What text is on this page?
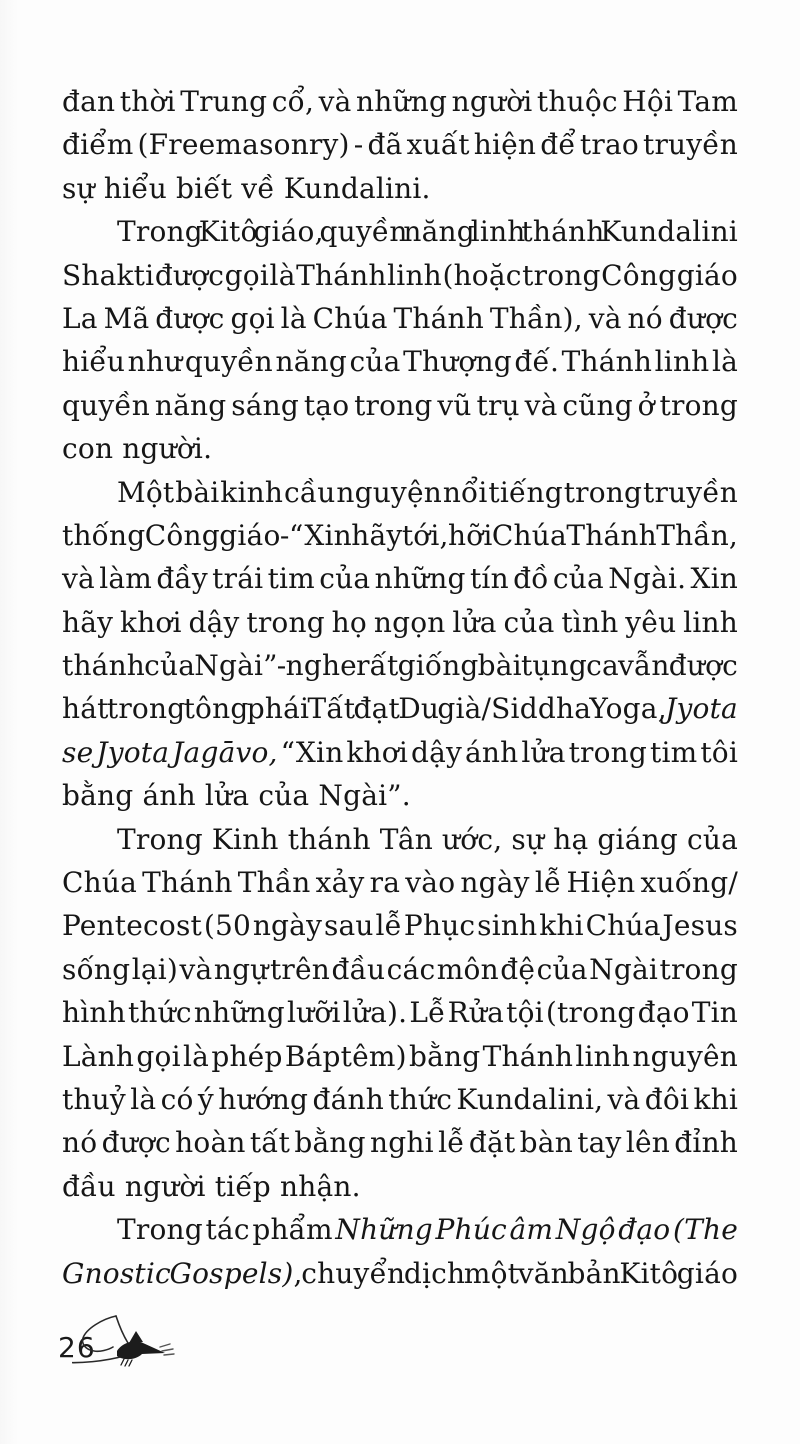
đan thời Trung cổ, và những người thuộc Hội Tam
điểm (Freemasonry) - đã xuất hiện để trao truyền
sự hiểu biết về Kundalini.
Trong Kitô giáo, quyền năng linh thánh Kundalini
Shakti được gọi là Thánh linh (hoặc trong Công giáo
La Mã được gọi là Chúa Thánh Thần), và nó được
hiểu như quyền năng của Thượng đế. Thánh linh là
quyền năng sáng tạo trong vũ trụ và cũng ở trong
con người.
Một bài kinh cầu nguyện nổi tiếng trong truyền
thống Công giáo - “Xin hãy tới, hỡi Chúa Thánh Thần,
và làm đầy trái tim của những tín đồ của Ngài. Xin
hãy khơi dậy trong họ ngọn lửa của tình yêu linh
thánh của Ngài” - nghe rất giống bài tụng ca vẫn được
hát trong tông phái Tất đạt Du già/Siddha Yoga, Jyota
se Jyota Jagāvo, “Xin khơi dậy ánh lửa trong tim tôi
bằng ánh lửa của Ngài”.
Trong Kinh thánh Tân ước, sự hạ giáng của
Chúa Thánh Thần xảy ra vào ngày lễ Hiện xuống/
Pentecost (50 ngày sau lễ Phục sinh khi Chúa Jesus
sống lại) và ngự trên đầu các môn đệ của Ngài trong
hình thức những lưỡi lửa). Lễ Rửa tội (trong đạo Tin
Lành gọi là phép Báptêm) bằng Thánh linh nguyên
thuỷ là có ý hướng đánh thức Kundalini, và đôi khi
nó được hoàn tất bằng nghi lễ đặt bàn tay lên đỉnh
đầu người tiếp nhận.
Trong tác phẩm Những Phúc âm Ngộ đạo (The
Gnostic Gospels), chuyển dịch một văn bản Kitô giáo
26
